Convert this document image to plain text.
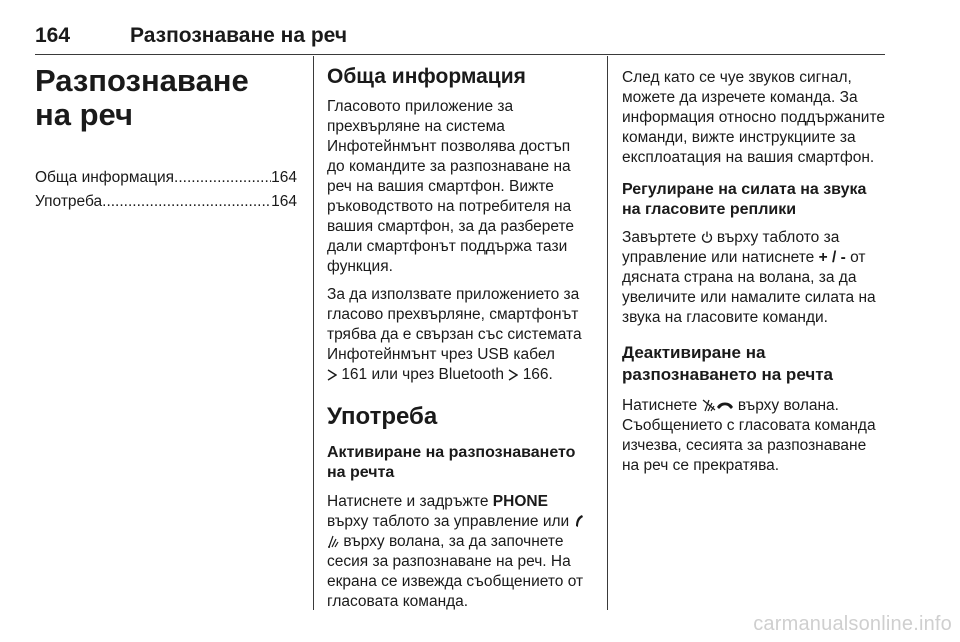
164	Разпознаване на реч
Разпознаване на реч
Обща информация .....	164
Употреба .....	164
Обща информация

Гласовото приложение за прехвърляне на система Инфотейнмънт позволява достъп до командите за разпознаване на реч на вашия смартфон. Вижте ръководството на потребителя на вашия смартфон, за да разберете дали смартфонът поддържа тази функция.

За да използвате приложението за гласово прехвърляне, смартфонът трябва да е свързан със системата Инфотейнмънт чрез USB кабел
161 или чрез Bluetooth 166.

Употреба
Активиране на разпознаването на речта

Натиснете и задръжте PHONE върху таблото за управление или   върху волана, за да започнете сесия за разпознаване на реч. На екрана се извежда съобщението от гласовата команда.

След като се чуе звуков сигнал, можете да изречете команда. За информация относно поддържаните команди, вижте инструкциите за експлоатация на вашия смартфон.

Регулиране на силата на звука на гласовите реплики

Завъртете върху таблото за управление или натиснете + / - от дясната страна на волана, за да увеличите или намалите силата на звука на гласовите команди.

Деактивиране на разпознаването на речта

Натиснете	върху волана.

Съобщението с гласовата команда изчезва, сесията за разпознаване на реч се прекратява.

carmanualsonline.info
